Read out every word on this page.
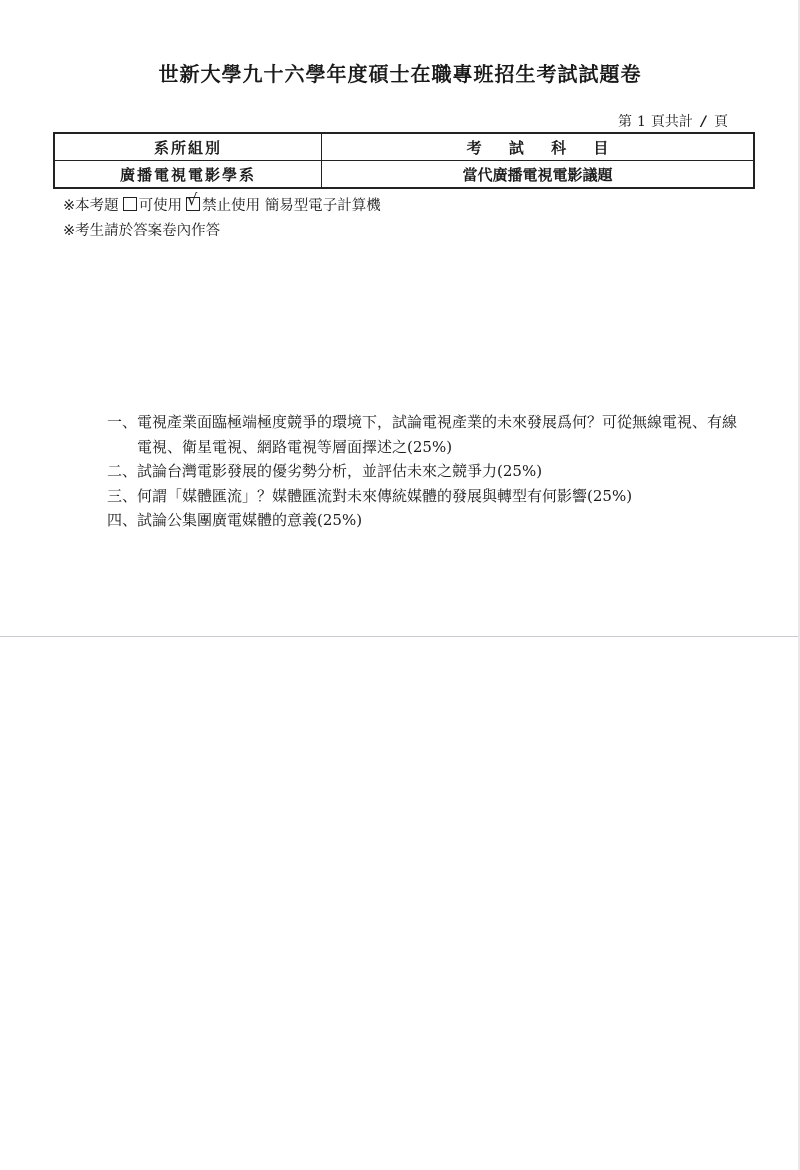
世新大學九十六學年度碩士在職專班招生考試試題卷
第 1 頁共計 / 頁
系所組別	考 試 科 目
廣播電視電影學系	當代廣播電視電影議題
※本考題 可使用 √ 禁止使用 簡易型電子計算機
※考生請於答案卷內作答
一、 電視產業面臨極端極度競爭的環境下，試論電視產業的未來發展爲何？可從無線電視、有線電視、衛星電視、網路電視等層面擇述之(25%)
二、 試論台灣電影發展的優劣勢分析，並評估未來之競爭力(25%)
三、 何謂「媒體匯流」？媒體匯流對未來傳統媒體的發展與轉型有何影響(25%)
四、 試論公集團廣電媒體的意義(25%)
